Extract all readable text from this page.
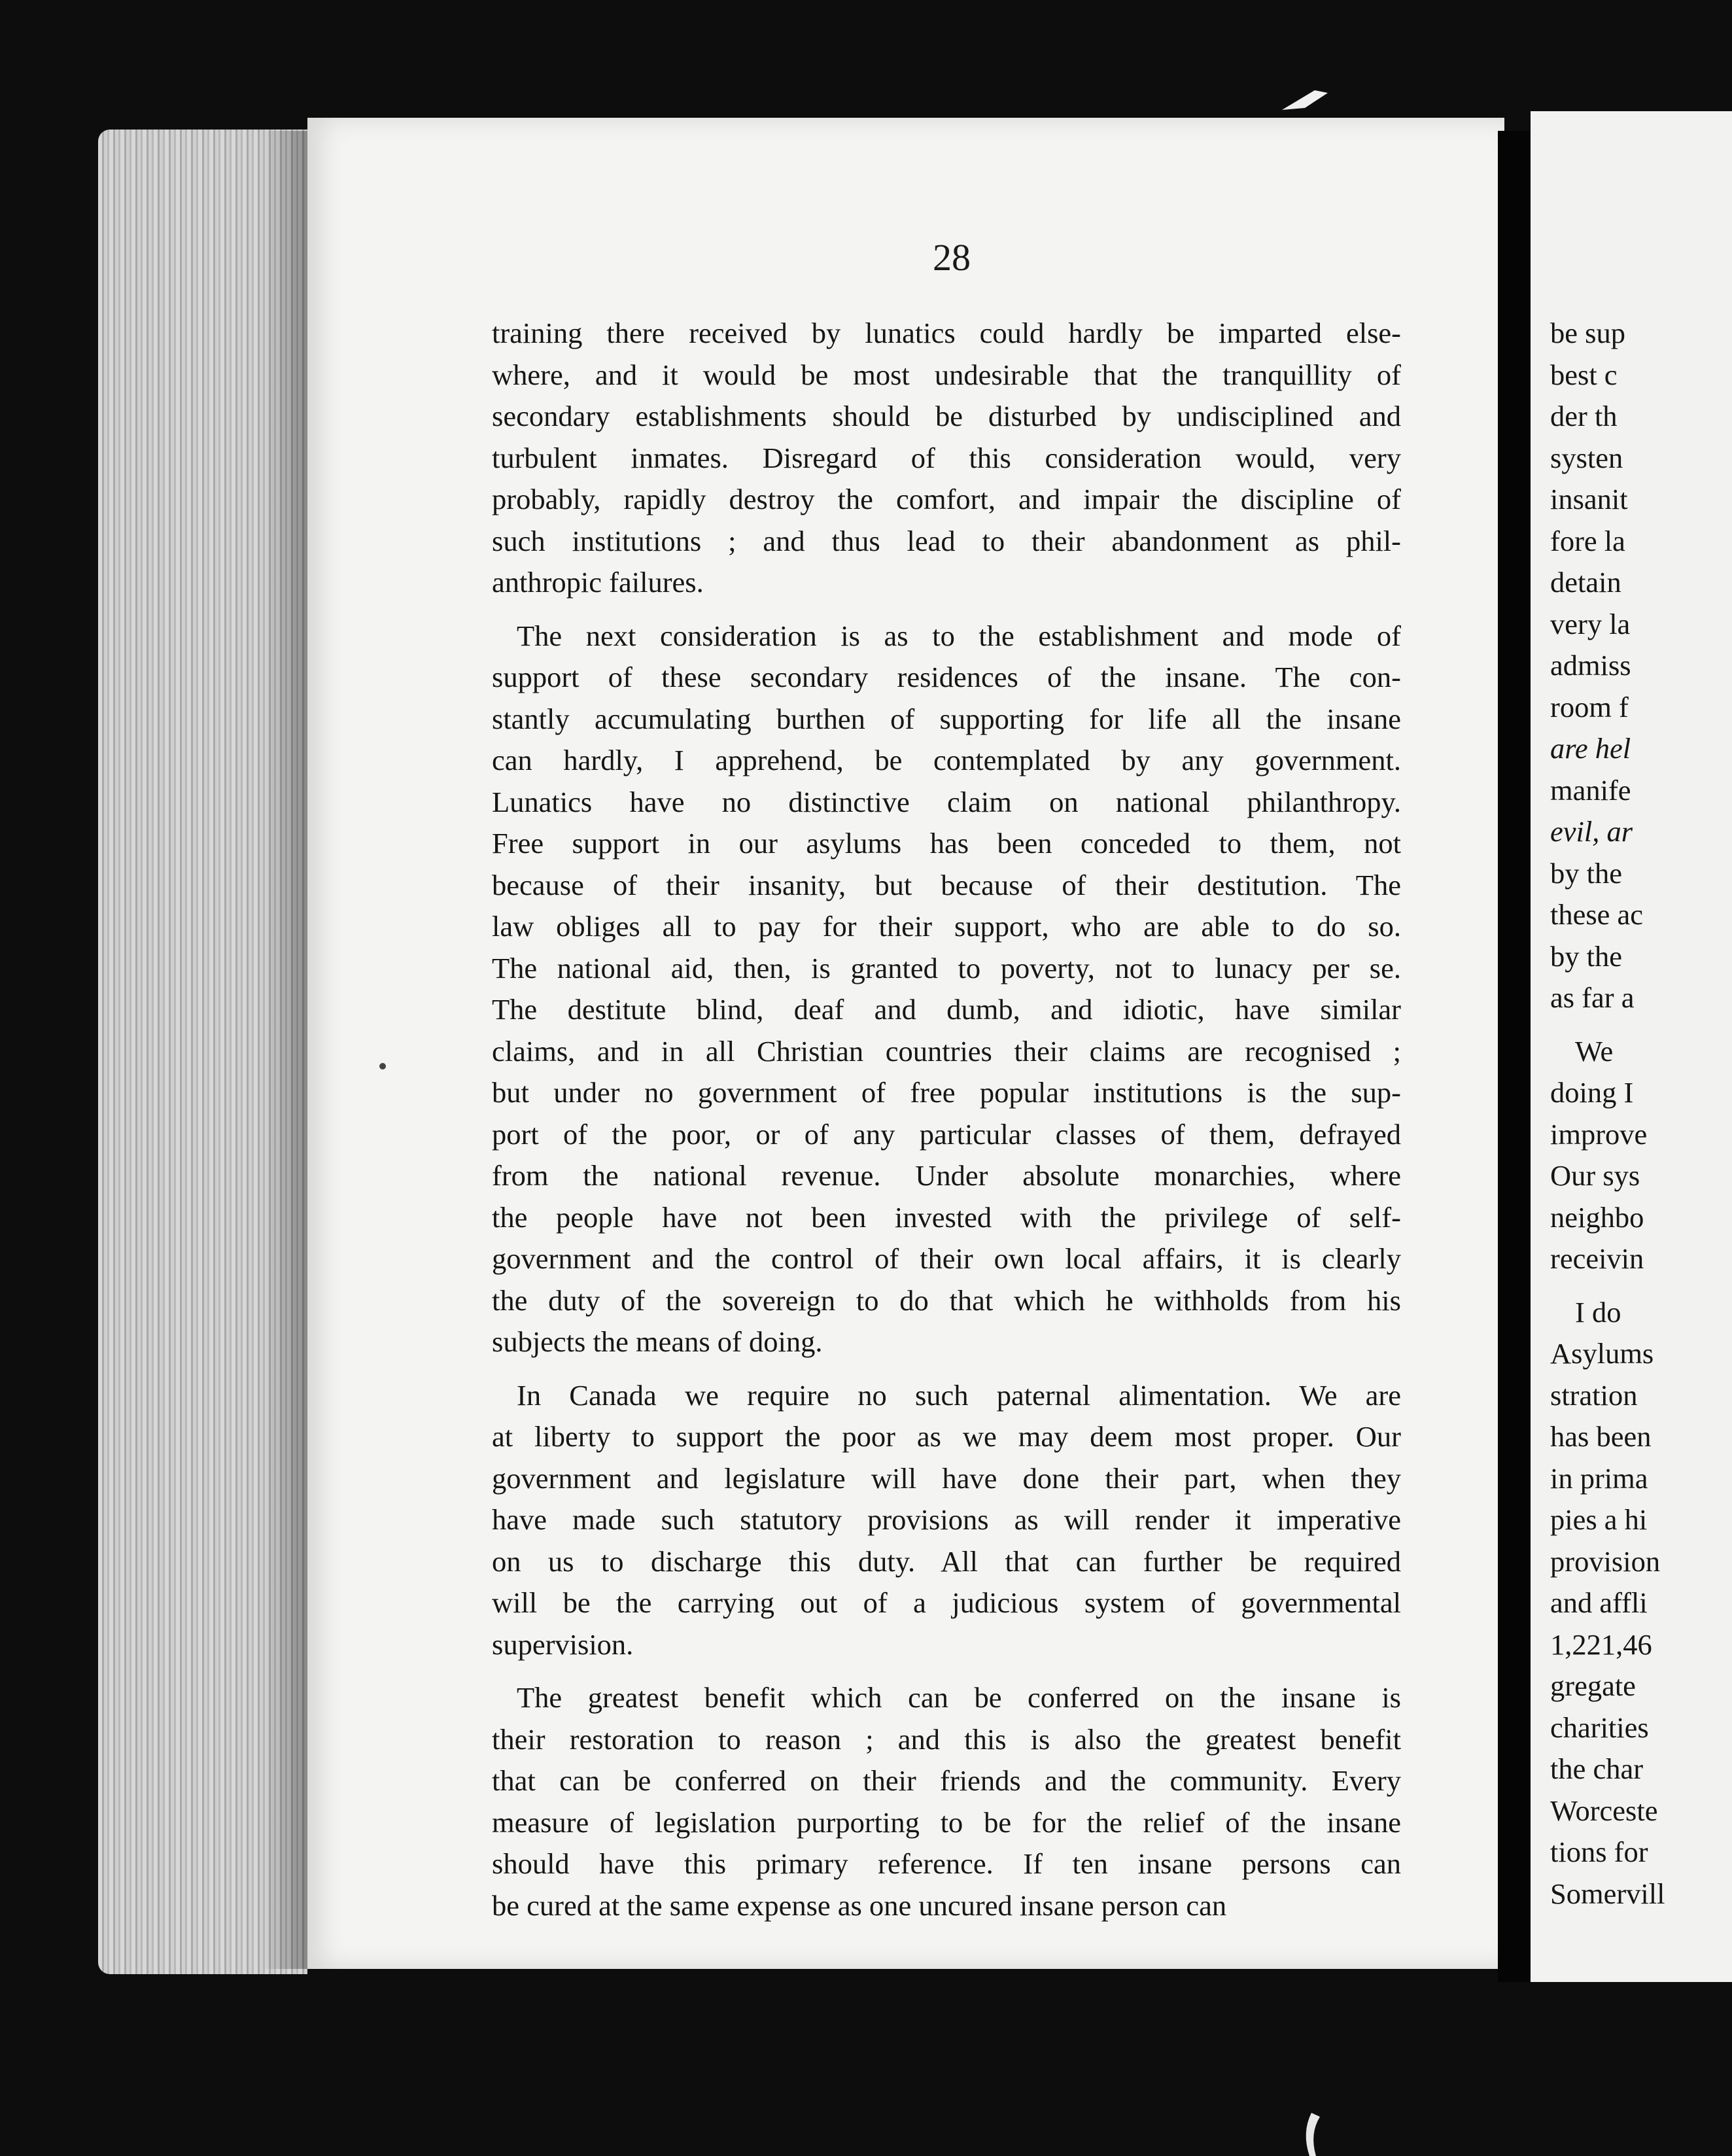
28
training there received by lunatics could hardly be imparted else-
where, and it would be most undesirable that the tranquillity of
secondary establishments should be disturbed by undisciplined and
turbulent inmates. Disregard of this consideration would, very
probably, rapidly destroy the comfort, and impair the discipline of
such institutions ; and thus lead to their abandonment as phil-
anthropic failures.
The next consideration is as to the establishment and mode of
support of these secondary residences of the insane. The con-
stantly accumulating burthen of supporting for life all the insane
can hardly, I apprehend, be contemplated by any government.
Lunatics have no distinctive claim on national philanthropy.
Free support in our asylums has been conceded to them, not
because of their insanity, but because of their destitution. The
law obliges all to pay for their support, who are able to do so.
The national aid, then, is granted to poverty, not to lunacy per se.
The destitute blind, deaf and dumb, and idiotic, have similar
claims, and in all Christian countries their claims are recognised ;
but under no government of free popular institutions is the sup-
port of the poor, or of any particular classes of them, defrayed
from the national revenue. Under absolute monarchies, where
the people have not been invested with the privilege of self-
government and the control of their own local affairs, it is clearly
the duty of the sovereign to do that which he withholds from his
subjects the means of doing.
In Canada we require no such paternal alimentation. We are
at liberty to support the poor as we may deem most proper. Our
government and legislature will have done their part, when they
have made such statutory provisions as will render it imperative
on us to discharge this duty. All that can further be required
will be the carrying out of a judicious system of governmental
supervision.
The greatest benefit which can be conferred on the insane is
their restoration to reason ; and this is also the greatest benefit
that can be conferred on their friends and the community. Every
measure of legislation purporting to be for the relief of the insane
should have this primary reference. If ten insane persons can
be cured at the same expense as one uncured insane person can
be sup
best c
der th
systen
insanit
fore la
detain
very la
admiss
room f
are hel
manife
evil, ar
by the
these ac
by the
as far a
We
doing I
improve
Our sys
neighbo
receivin
I do
Asylums
stration
has been
in prima
pies a hi
provision
and affli
1,221,46
gregate
charities
the char
Worceste
tions for
Somervill
